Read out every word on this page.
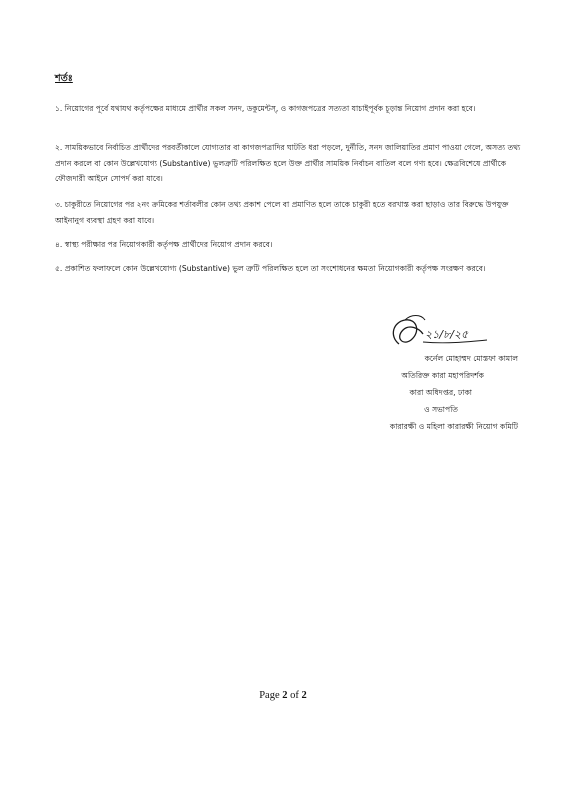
শর্তঃ

১. নিয়োগের পূর্বে যথাযথ কর্তৃপক্ষের মাধ্যমে প্রার্থীর সকল সনদ, ডকুমেন্টস্‌, ও কাগজপত্রের সত্যতা যাচাইপূর্বক চূড়ান্ত নিয়োগ প্রদান করা হবে।

২. সাময়িকভাবে নির্বাচিত প্রার্থীদের পরবর্তীকালে যোগ্যতার বা কাগজপত্রাদির ঘাটতি ধরা পড়লে, দুর্নীতি, সনদ জালিয়াতির প্রমাণ পাওয়া গেলে, অসত্য তথ্য প্রদান করলে বা কোন উল্লেখযোগ্য (Substantive) ভুলত্রুটি পরিলক্ষিত হলে উক্ত প্রার্থীর সাময়িক নির্বাচন বাতিল বলে গণ্য হবে। ক্ষেত্রবিশেষে প্রার্থীকে ফৌজদারী আইনে সোপর্দ করা যাবে।

৩. চাকুরীতে নিয়োগের পর ২নং ক্রমিকের শর্তাবলীর কোন তথ্য প্রকাশ পেলে বা প্রমাণিত হলে তাকে চাকুরী হতে বরখাস্ত করা ছাড়াও তার বিরুদ্ধে উপযুক্ত আইনানুগ ব্যবস্থা গ্রহণ করা যাবে।

৪. স্বাস্থ্য পরীক্ষার পর নিয়োগকারী কর্তৃপক্ষ প্রার্থীদের নিয়োগ প্রদান করবে।

৫. প্রকাশিত ফলাফলে কোন উল্লেখযোগ্য (Substantive) ভুল ত্রুটি পরিলক্ষিত হলে তা সংশোধনের ক্ষমতা নিয়োগকারী কর্তৃপক্ষ সংরক্ষণ করবে।

২১/৮/২৫
কর্নেল মোহাম্মদ মোস্তফা কামাল
অতিরিক্ত কারা মহাপরিদর্শক
কারা অধিদপ্তর, ঢাকা
ও সভাপতি
কারারক্ষী ও মহিলা কারারক্ষী নিয়োগ কমিটি
Page 2 of 2
